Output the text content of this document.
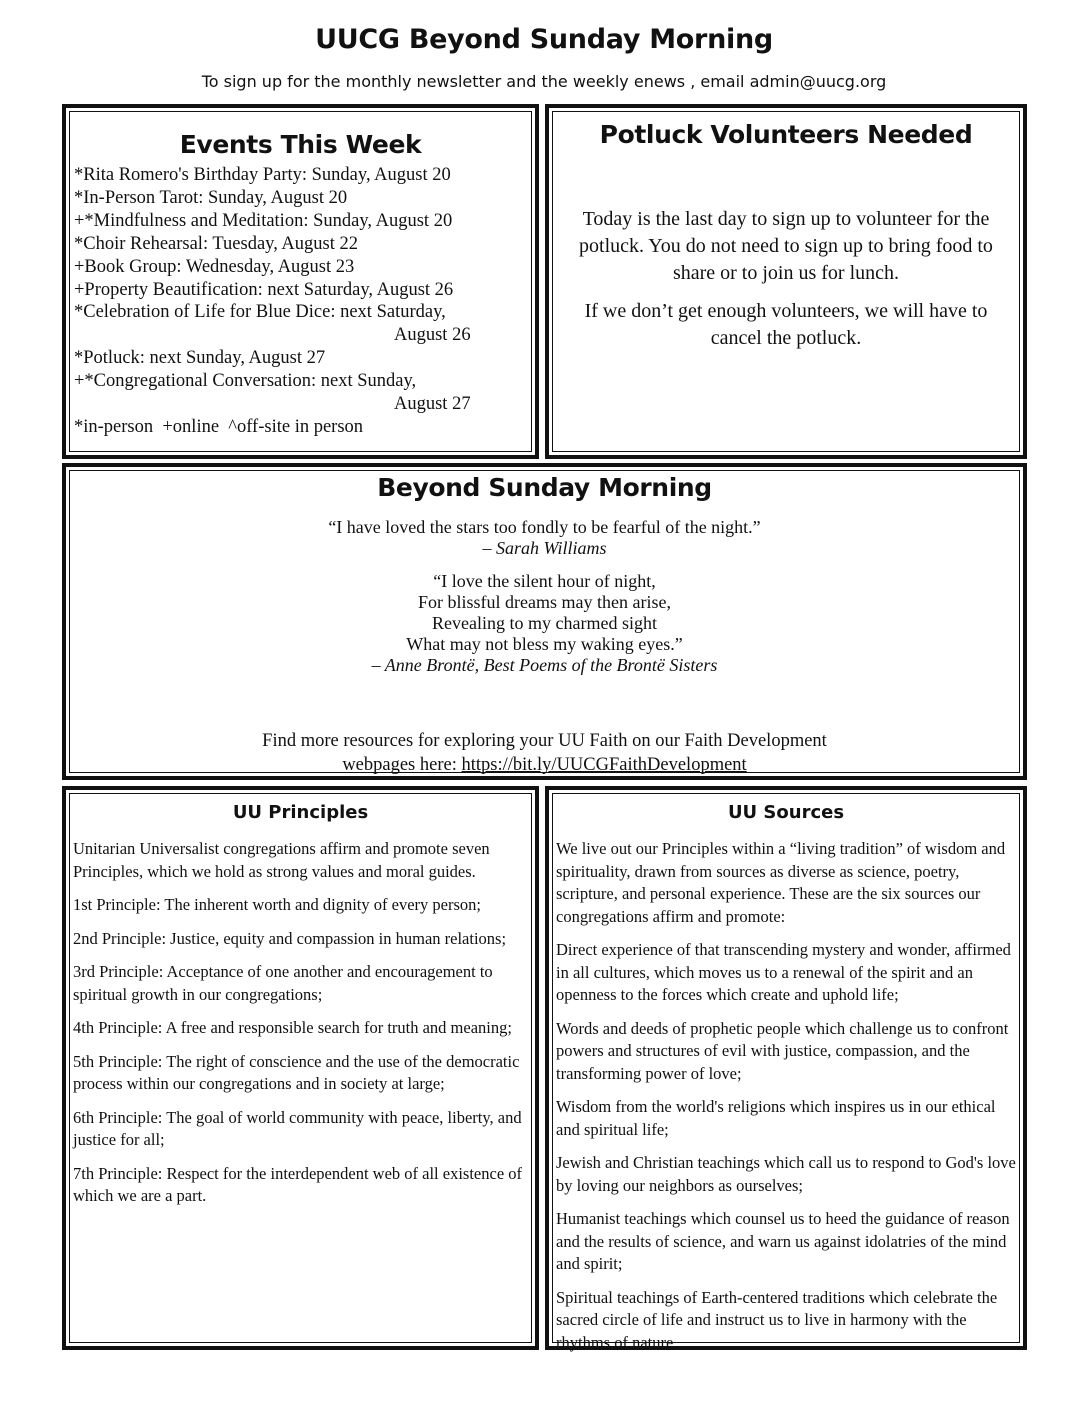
UUCG Beyond Sunday Morning
To sign up for the monthly newsletter and the weekly enews , email admin@uucg.org
Events This Week
*Rita Romero's Birthday Party: Sunday, August 20
*In-Person Tarot: Sunday, August 20
+*Mindfulness and Meditation: Sunday, August 20
*Choir Rehearsal: Tuesday, August 22
+Book Group: Wednesday, August 23
+Property Beautification: next Saturday, August 26
*Celebration of Life for Blue Dice: next Saturday,
August 26
*Potluck: next Sunday, August 27
+*Congregational Conversation: next Sunday,
August 27
*in-person  +online  ^off-site in person
Potluck Volunteers Needed
Today is the last day to sign up to volunteer for the potluck. You do not need to sign up to bring food to share or to join us for lunch.
If we don’t get enough volunteers, we will have to cancel the potluck.
Beyond Sunday Morning
“I have loved the stars too fondly to be fearful of the night.”
– Sarah Williams
“I love the silent hour of night,
For blissful dreams may then arise,
Revealing to my charmed sight
What may not bless my waking eyes.”
– Anne Brontë, Best Poems of the Brontë Sisters
Find more resources for exploring your UU Faith on our Faith Development
webpages here: https://bit.ly/UUCGFaithDevelopment
UU Principles

Unitarian Universalist congregations affirm and promote seven Principles, which we hold as strong values and moral guides.

1st Principle: The inherent worth and dignity of every person;

2nd Principle: Justice, equity and compassion in human relations;

3rd Principle: Acceptance of one another and encouragement to spiritual growth in our congregations;

4th Principle: A free and responsible search for truth and meaning;

5th Principle: The right of conscience and the use of the democratic process within our congregations and in society at large;

6th Principle: The goal of world community with peace, liberty, and justice for all;

7th Principle: Respect for the interdependent web of all existence of which we are a part.

UU Sources

We live out our Principles within a “living tradition” of wisdom and spirituality, drawn from sources as diverse as science, poetry, scripture, and personal experience. These are the six sources our congregations affirm and promote:

Direct experience of that transcending mystery and wonder, affirmed in all cultures, which moves us to a renewal of the spirit and an openness to the forces which create and uphold life;

Words and deeds of prophetic people which challenge us to confront powers and structures of evil with justice, compassion, and the transforming power of love;

Wisdom from the world's religions which inspires us in our ethical and spiritual life;

Jewish and Christian teachings which call us to respond to God's love by loving our neighbors as ourselves;

Humanist teachings which counsel us to heed the guidance of reason and the results of science, and warn us against idolatries of the mind and spirit;

Spiritual teachings of Earth-centered traditions which celebrate the sacred circle of life and instruct us to live in harmony with the rhythms of nature.
